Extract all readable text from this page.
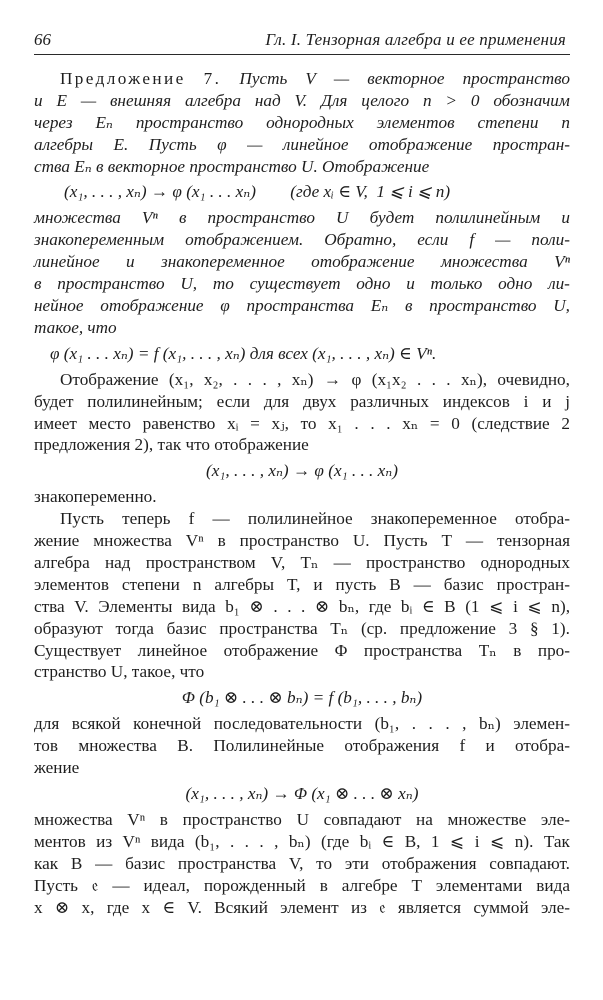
66	Гл. I. Тензорная алгебра и ее применения
Предложение 7. Пусть V — векторное пространство
и E — внешняя алгебра над V. Для целого n > 0 обозначим
через Eₙ пространство однородных элементов степени n
алгебры E. Пусть φ — линейное отображение простран-
ства Eₙ в векторное пространство U. Отображение
(x₁, . . . , xₙ) → φ (x₁ . . . xₙ)        (где xᵢ ∈ V,  1 ⩽ i ⩽ n)
множества Vⁿ в пространство U будет полилинейным и
знакопеременным отображением. Обратно, если f — поли-
линейное и знакопеременное отображение множества Vⁿ
в пространство U, то существует одно и только одно ли-
нейное отображение φ пространства Eₙ в пространство U,
такое, что
φ (x₁ . . . xₙ) = f (x₁, . . . , xₙ) для всех (x₁, . . . , xₙ) ∈ Vⁿ.
Отображение (x₁, x₂, . . . , xₙ) → φ (x₁x₂ . . . xₙ), очевидно,
будет полилинейным; если для двух различных индексов i и j
имеет место равенство xᵢ = xⱼ, то x₁ . . . xₙ = 0 (следствие 2
предложения 2), так что отображение
(x₁, . . . , xₙ) → φ (x₁ . . . xₙ)
знакопеременно.
Пусть теперь f — полилинейное знакопеременное отобра-
жение множества Vⁿ в пространство U. Пусть T — тензорная
алгебра над пространством V, Tₙ — пространство однородных
элементов степени n алгебры T, и пусть B — базис простран-
ства V. Элементы вида b₁ ⊗ . . . ⊗ bₙ, где bᵢ ∈ B (1 ⩽ i ⩽ n),
образуют тогда базис пространства Tₙ (ср. предложение 3 § 1).
Существует линейное отображение Φ пространства Tₙ в про-
странство U, такое, что
Φ (b₁ ⊗ . . . ⊗ bₙ) = f (b₁, . . . , bₙ)
для всякой конечной последовательности (b₁, . . . , bₙ) элемен-
тов множества B. Полилинейные отображения f и отобра-
жение
(x₁, . . . , xₙ) → Φ (x₁ ⊗ . . . ⊗ xₙ)
множества Vⁿ в пространство U совпадают на множестве эле-
ментов из Vⁿ вида (b₁, . . . , bₙ) (где bᵢ ∈ B, 1 ⩽ i ⩽ n). Так
как B — базис пространства V, то эти отображения совпадают.
Пусть 𝔢 — идеал, порожденный в алгебре T элементами вида
x ⊗ x, где x ∈ V. Всякий элемент из 𝔢 является суммой эле-
